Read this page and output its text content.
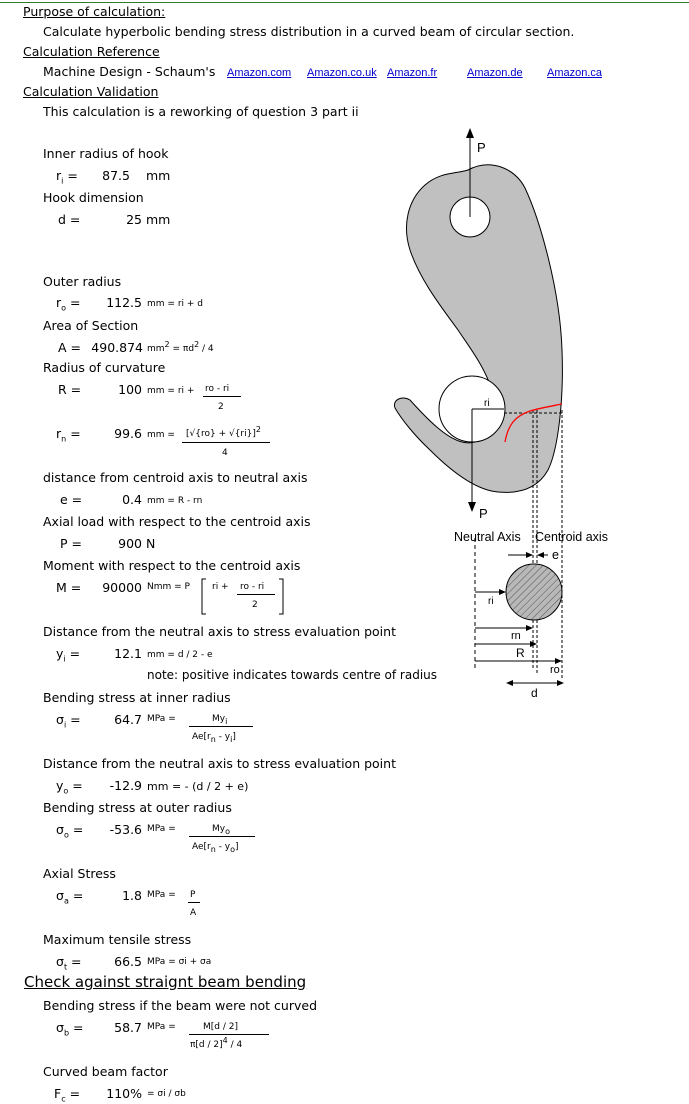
Purpose of calculation:
Calculate hyperbolic bending stress distribution in a curved beam of circular section.
Calculation Reference
Machine Design - Schaum's Amazon.com Amazon.co.uk Amazon.fr	Amazon.de Amazon.ca
Calculation Validation
This calculation is a reworking of question 3 part ii
Inner radius of hook
$r_i$ =	87.5 mm
Hook dimension
d =	25 mm
Outer radius
$r_o$ =	112.5 mm = ri + d
Area of Section
A = 490.874 $mm^2 = \pi d^2 / 4$
Radius of curvature
R =	100 mm = ri + ro - ri
2
$r_n$ =	99.6 mm = $[√\{ro\} + √\{ri\}]^2$
4
distance from centroid axis to neutral axis
e =	0.4 mm = R - rn
Axial load with respect to the centroid axis
P =	900 N
Moment with respect to the centroid axis
M =	90000 Nmm = P ri + ro - ri
2
Distance from the neutral axis to stress evaluation point
$y_i$ =	12.1 mm = d / 2 - e
note: positive indicates towards centre of radius
Bending stress at inner radius
$\sigma_i$ =	64.7 MPa =	$My_i$
$Ae[r_n - y_i]$
Distance from the neutral axis to stress evaluation point
$y_o$ =	-12.9 mm = - (d / 2 + e)
Bending stress at outer radius
$\sigma_o$ =	-53.6 MPa =	$My_o$
$Ae[r_n - y_o]$
Axial Stress
$\sigma_a$ =	1.8 MPa = P
A
Maximum tensile stress
$\sigma_t$ =	66.5 MPa = σi + σa
Check against straignt beam bending
Bending stress if the beam were not curved
$\sigma_b$ =	58.7 MPa =	M[d / 2]
π[d / 2]$^4$ / 4
Curved beam factor
$F_c$ =	110% = σi / σb
P
P
ri
Neutral Axis Centroid axis
e
ri
rn
R
ro
d
